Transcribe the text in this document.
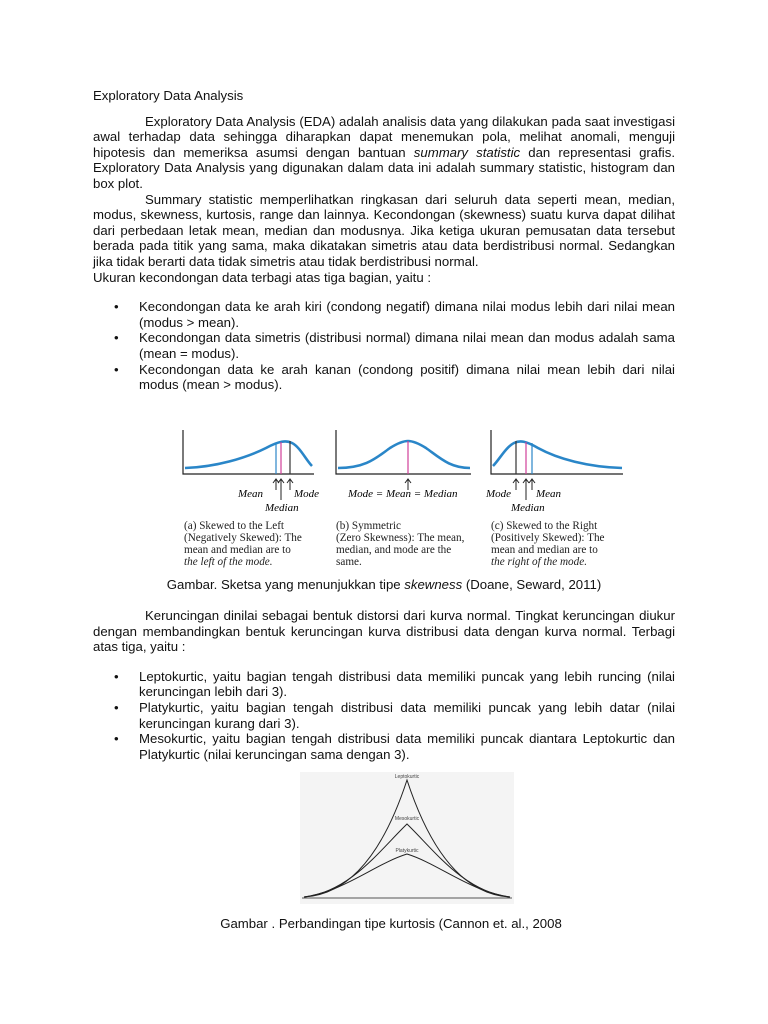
Exploratory Data Analysis

Exploratory Data Analysis (EDA) adalah analisis data yang dilakukan pada saat investigasi awal terhadap data sehingga diharapkan dapat menemukan pola, melihat anomali, menguji hipotesis dan memeriksa asumsi dengan bantuan summary statistic dan representasi grafis. Exploratory Data Analysis yang digunakan dalam data ini adalah summary statistic, histogram dan box plot.

Summary statistic memperlihatkan ringkasan dari seluruh data seperti mean, median, modus, skewness, kurtosis, range dan lainnya. Kecondongan (skewness) suatu kurva dapat dilihat dari perbedaan letak mean, median dan modusnya. Jika ketiga ukuran pemusatan data tersebut berada pada titik yang sama, maka dikatakan simetris atau data berdistribusi normal. Sedangkan jika tidak berarti data tidak simetris atau tidak berdistribusi normal.

Ukuran kecondongan data terbagi atas tiga bagian, yaitu :

• Kecondongan data ke arah kiri (condong negatif) dimana nilai modus lebih dari nilai mean (modus > mean).
• Kecondongan data simetris (distribusi normal) dimana nilai mean dan modus adalah sama (mean = modus).
• Kecondongan data ke arah kanan (condong positif) dimana nilai mean lebih dari nilai modus (mean > modus).
Mean	Mode
Median
Mode = Mean = Median	Mode Mean
Median
(a) Skewed to the Left
(Negatively Skewed): The
mean and median are to
the left of the mode.
(b) Symmetric
(Zero Skewness): The mean,
median, and mode are the
same.
(c) Skewed to the Right
(Positively Skewed): The
mean and median are to
the right of the mode.
Gambar. Sketsa yang menunjukkan tipe skewness (Doane, Seward, 2011)

Keruncingan dinilai sebagai bentuk distorsi dari kurva normal. Tingkat keruncingan diukur dengan membandingkan bentuk keruncingan kurva distribusi data dengan kurva normal. Terbagi atas tiga, yaitu :

• Leptokurtic, yaitu bagian tengah distribusi data memiliki puncak yang lebih runcing (nilai keruncingan lebih dari 3).
• Platykurtic, yaitu bagian tengah distribusi data memiliki puncak yang lebih datar (nilai keruncingan kurang dari 3).
• Mesokurtic, yaitu bagian tengah distribusi data memiliki puncak diantara Leptokurtic dan Platykurtic (nilai keruncingan sama dengan 3).
Leptokurtic
Mesokurtic
Platykurtic
Gambar . Perbandingan tipe kurtosis (Cannon et. al., 2008
